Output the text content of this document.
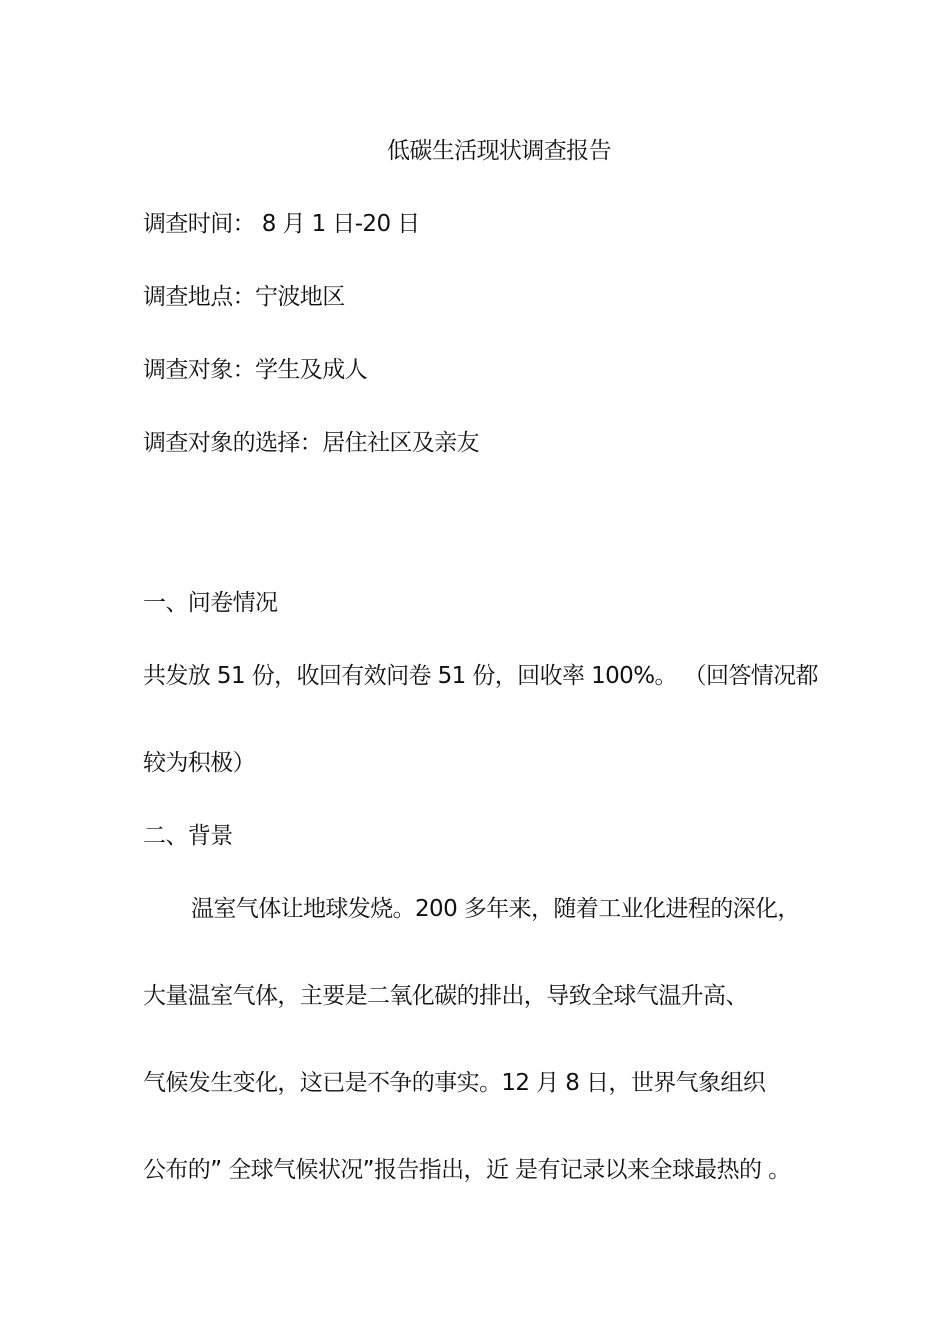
低碳生活现状调查报告
调查时间： 8 月 1 日-20 日
调查地点：宁波地区
调查对象：学生及成人
调查对象的选择：居住社区及亲友
一、问卷情况
共发放 51 份，收回有效问卷 51 份，回收率 100%。 （回答情况都
较为积极）
二、背景
温室气体让地球发烧。200 多年来，随着工业化进程的深化，
大量温室气体，主要是二氧化碳的排出，导致全球气温升高、
气候发生变化，这已是不争的事实。12 月 8 日，世界气象组织
公布的” 全球气候状况”报告指出，近 是有记录以来全球最热的 。
